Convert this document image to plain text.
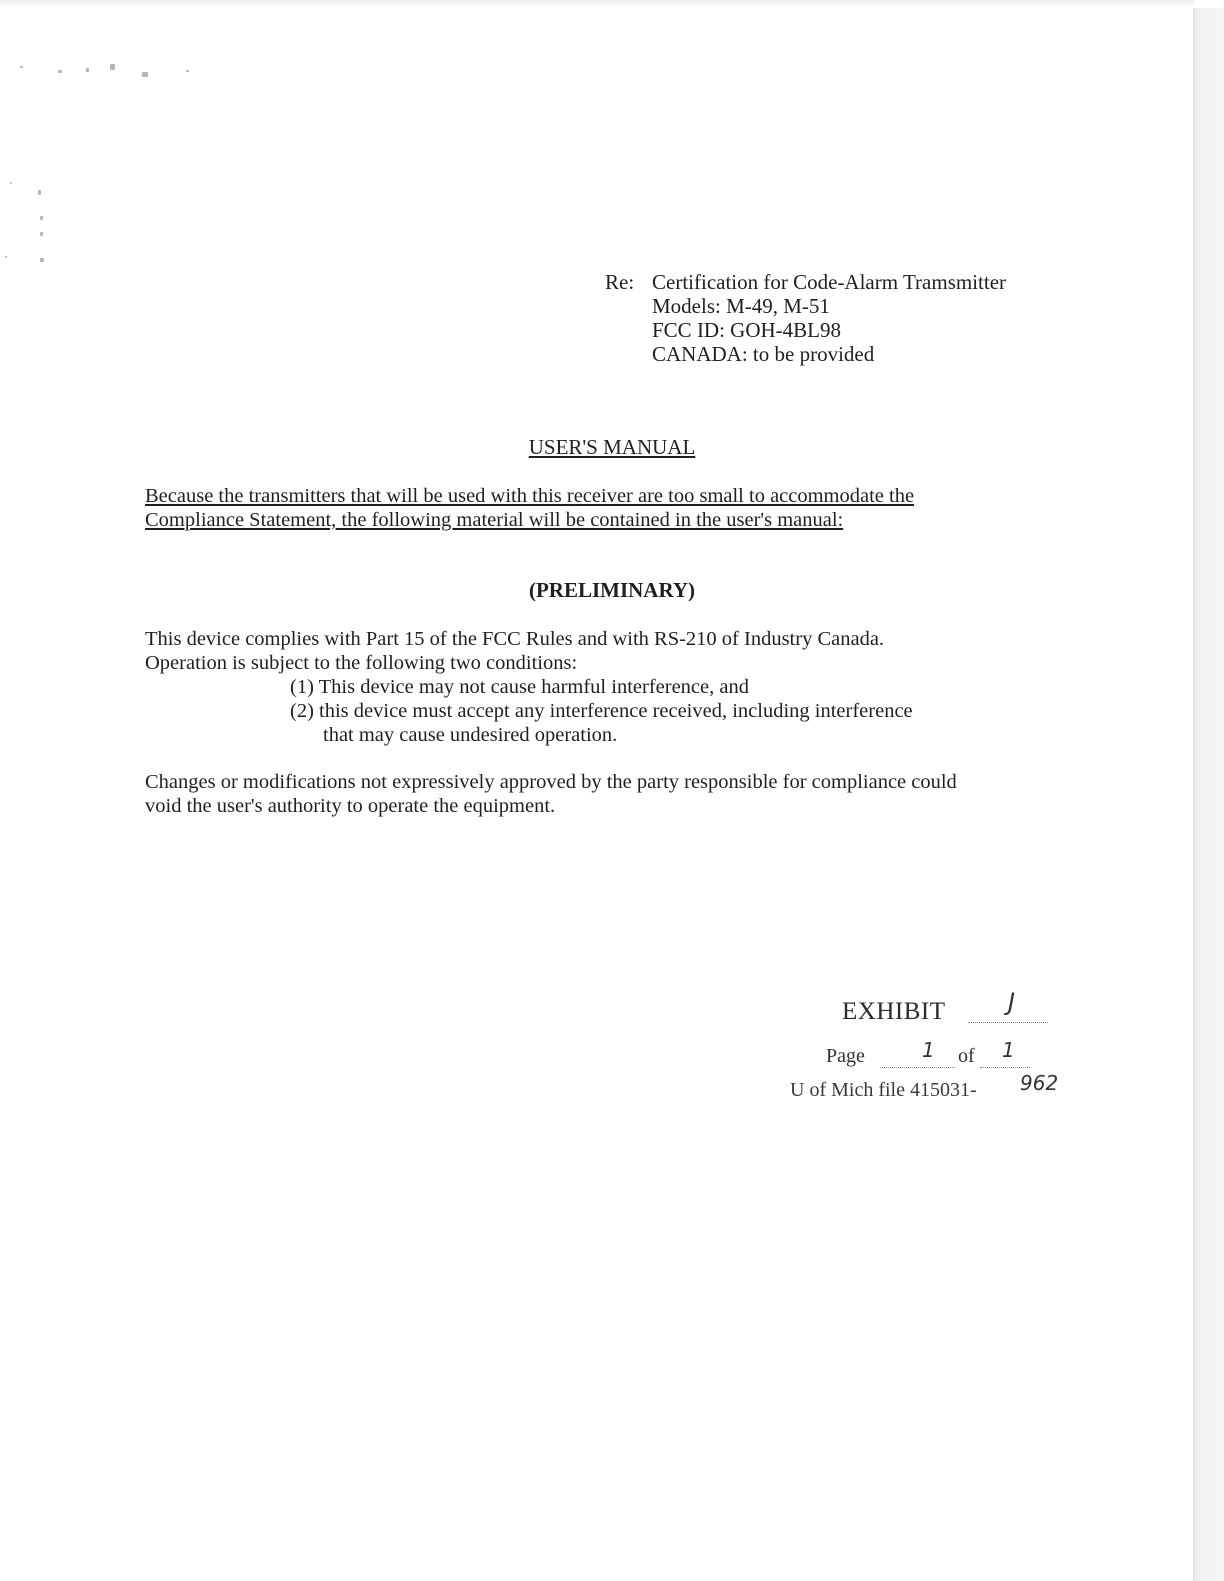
Re: Certification for Code-Alarm Tramsmitter
Models: M-49, M-51
FCC ID: GOH-4BL98
CANADA: to be provided
USER'S MANUAL
Because the transmitters that will be used with this receiver are too small to accommodate the
Compliance Statement, the following material will be contained in the user's manual:
(PRELIMINARY)
This device complies with Part 15 of the FCC Rules and with RS-210 of Industry Canada.
Operation is subject to the following two conditions:
(1) This device may not cause harmful interference, and
(2) this device must accept any interference received, including interference
that may cause undesired operation.
Changes or modifications not expressively approved by the party responsible for compliance could
void the user's authority to operate the equipment.
EXHIBIT	J
Page	1 of 1
U of Mich file 415031- 962
